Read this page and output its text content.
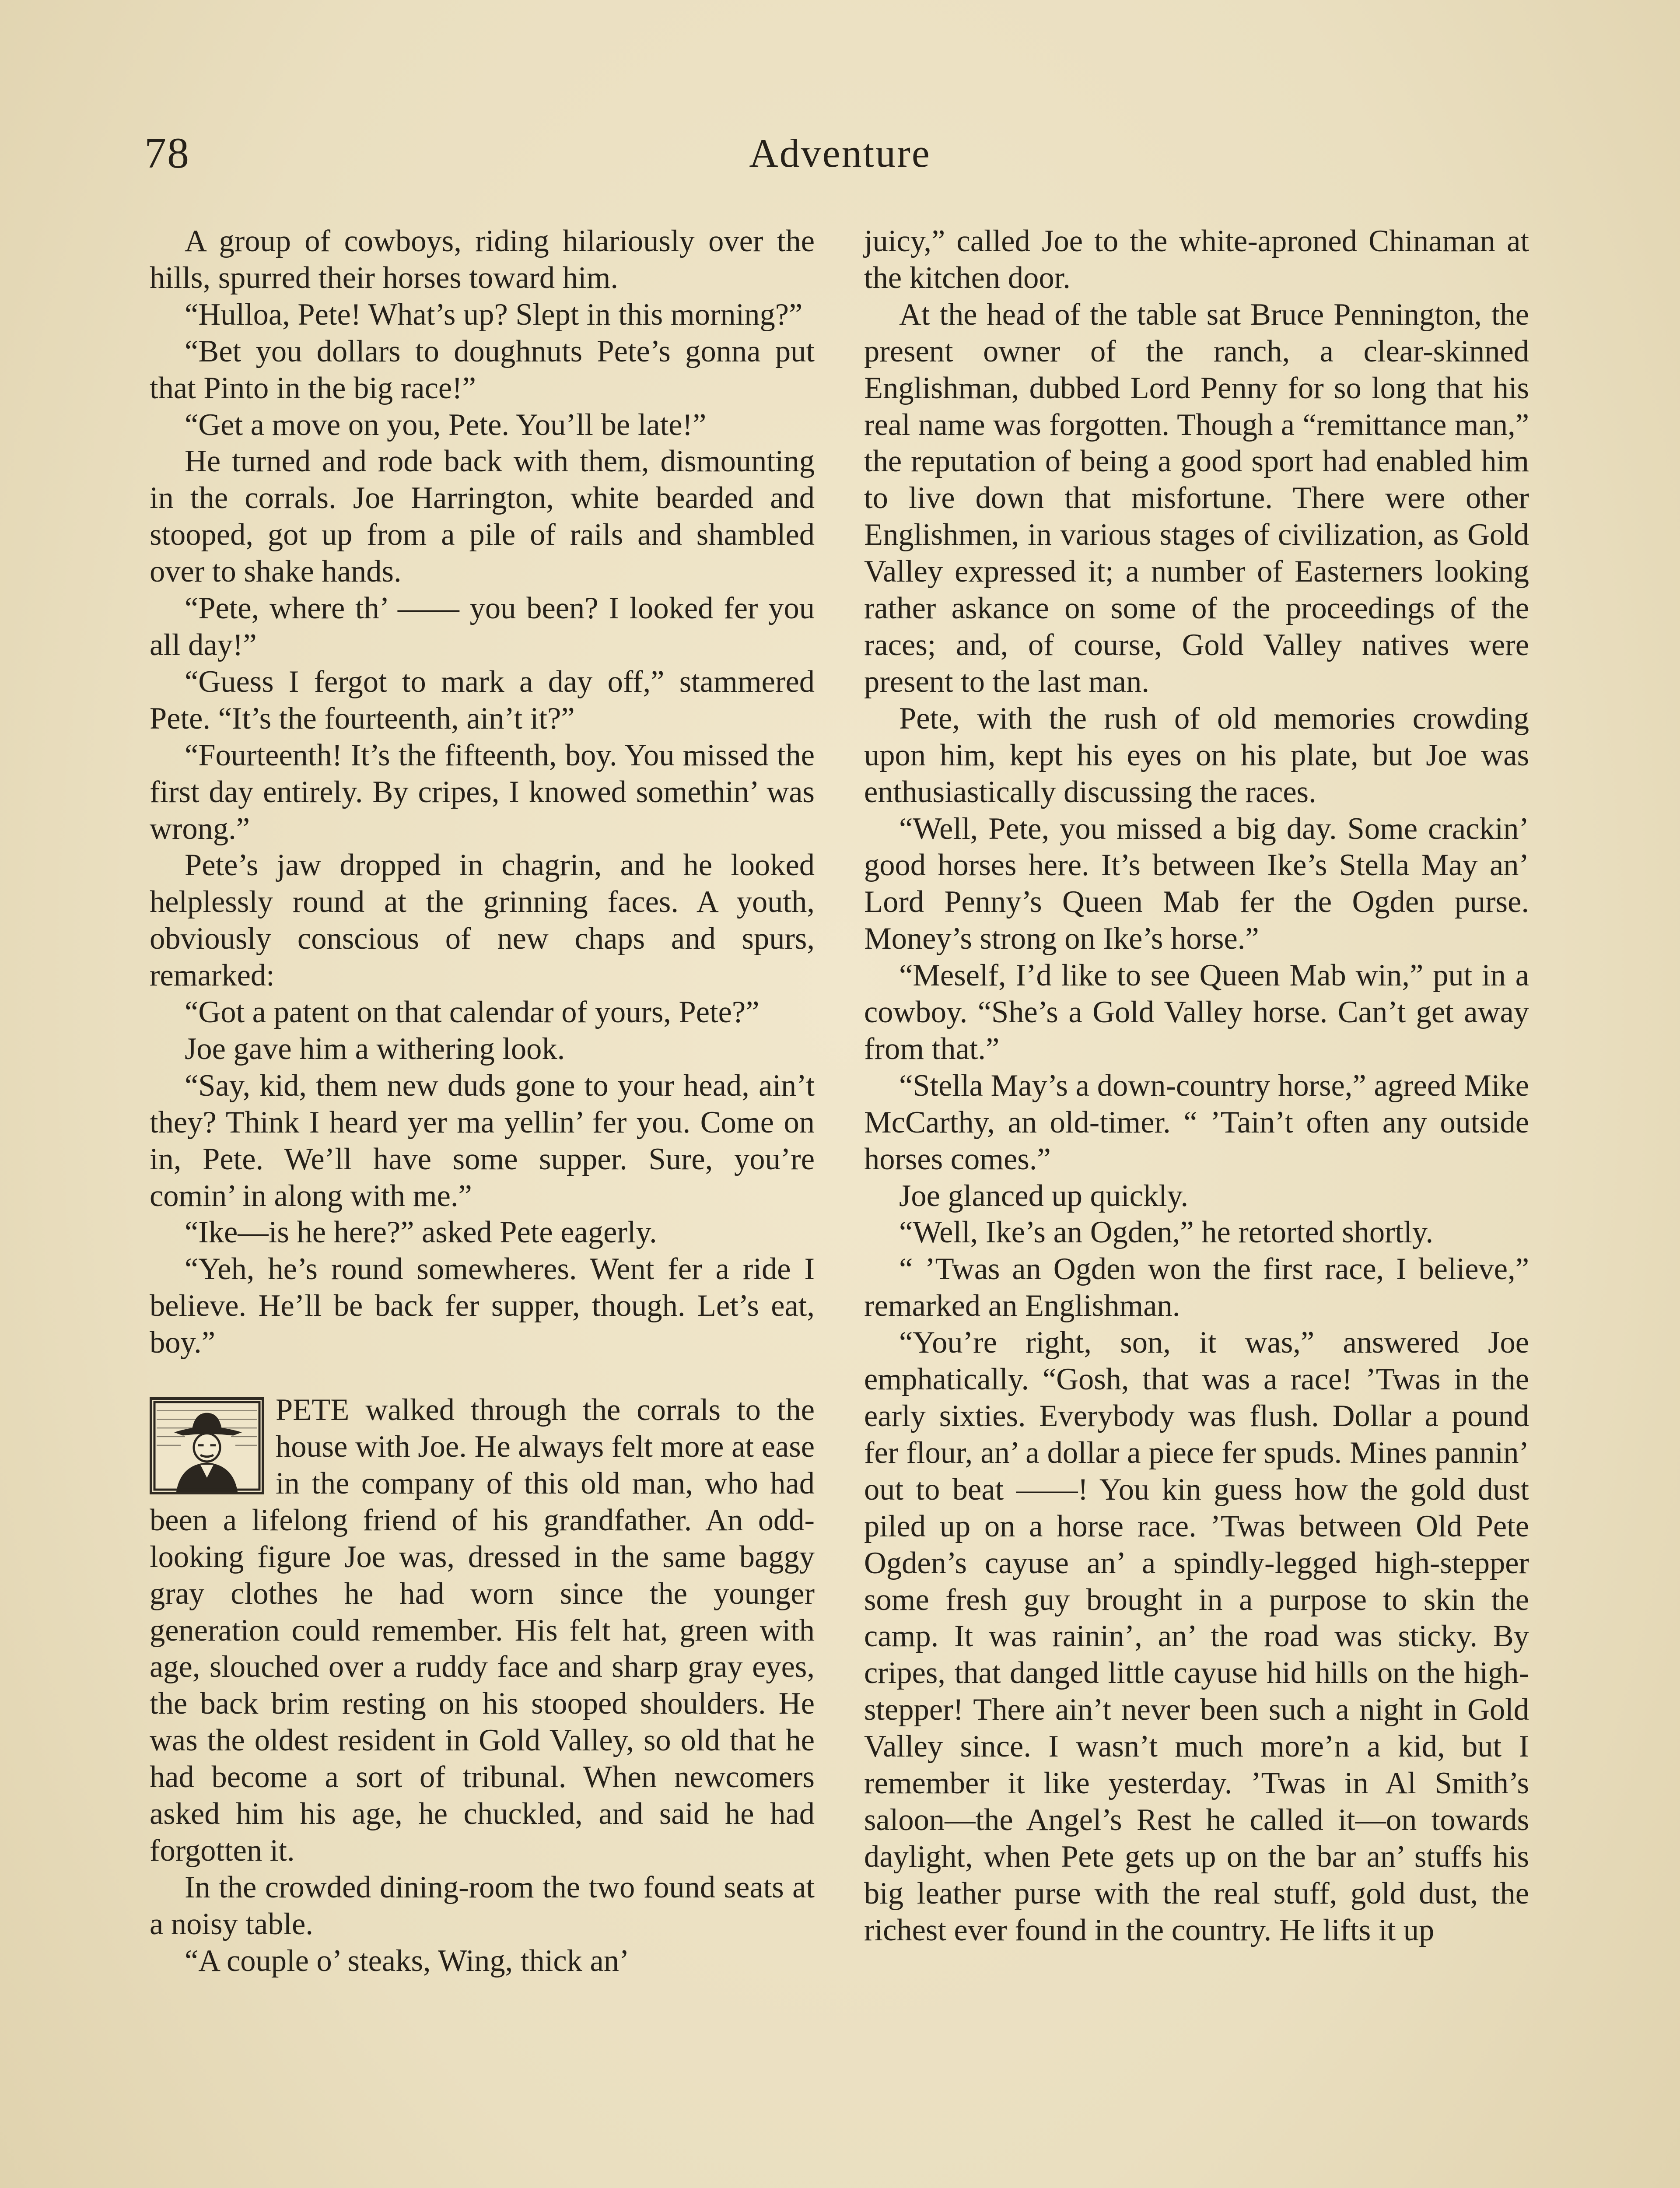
78	Adventure

A group of cowboys, riding hilariously over the hills, spurred their horses toward him.

“Hulloa, Pete! What’s up? Slept in this morning?”

“Bet you dollars to doughnuts Pete’s gonna put that Pinto in the big race!”

“Get a move on you, Pete. You’ll be late!”

He turned and rode back with them, dismounting in the corrals. Joe Harrington, white bearded and stooped, got up from a pile of rails and shambled over to shake hands.

“Pete, where th’ —— you been? I looked fer you all day!”

“Guess I fergot to mark a day off,” stammered Pete. “It’s the fourteenth, ain’t it?”

“Fourteenth! It’s the fifteenth, boy. You missed the first day entirely. By cripes, I knowed somethin’ was wrong.”

Pete’s jaw dropped in chagrin, and he looked helplessly round at the grinning faces. A youth, obviously conscious of new chaps and spurs, remarked:

“Got a patent on that calendar of yours, Pete?”

Joe gave him a withering look.

“Say, kid, them new duds gone to your head, ain’t they? Think I heard yer ma yellin’ fer you. Come on in, Pete. We’ll have some supper. Sure, you’re comin’ in along with me.”

“Ike—is he here?” asked Pete eagerly.

“Yeh, he’s round somewheres. Went fer a ride I believe. He’ll be back fer supper, though. Let’s eat, boy.”

PETE walked through the corrals to the house with Joe. He always felt more at ease in the company of this old man, who had been a lifelong friend of his grandfather. An odd-looking figure Joe was, dressed in the same baggy gray clothes he had worn since the younger generation could remember. His felt hat, green with age, slouched over a ruddy face and sharp gray eyes, the back brim resting on his stooped shoulders. He was the oldest resident in Gold Valley, so old that he had become a sort of tribunal. When newcomers asked him his age, he chuckled, and said he had forgotten it.

In the crowded dining-room the two found seats at a noisy table.

“A couple o’ steaks, Wing, thick an’

juicy,” called Joe to the white-aproned Chinaman at the kitchen door.

At the head of the table sat Bruce Pennington, the present owner of the ranch, a clear-skinned Englishman, dubbed Lord Penny for so long that his real name was forgotten. Though a “remittance man,” the reputation of being a good sport had enabled him to live down that misfortune. There were other Englishmen, in various stages of civilization, as Gold Valley expressed it; a number of Easterners looking rather askance on some of the proceedings of the races; and, of course, Gold Valley natives were present to the last man.

Pete, with the rush of old memories crowding upon him, kept his eyes on his plate, but Joe was enthusiastically discussing the races.

“Well, Pete, you missed a big day. Some crackin’ good horses here. It’s between Ike’s Stella May an’ Lord Penny’s Queen Mab fer the Ogden purse. Money’s strong on Ike’s horse.”

“Meself, I’d like to see Queen Mab win,” put in a cowboy. “She’s a Gold Valley horse. Can’t get away from that.”

“Stella May’s a down-country horse,” agreed Mike McCarthy, an old-timer. “ ’Tain’t often any outside horses comes.”

Joe glanced up quickly.

“Well, Ike’s an Ogden,” he retorted shortly.

“ ’Twas an Ogden won the first race, I believe,” remarked an Englishman.

“You’re right, son, it was,” answered Joe emphatically. “Gosh, that was a race! ’Twas in the early sixties. Everybody was flush. Dollar a pound fer flour, an’ a dollar a piece fer spuds. Mines pannin’ out to beat ——! You kin guess how the gold dust piled up on a horse race. ’Twas between Old Pete Ogden’s cayuse an’ a spindly-legged high-stepper some fresh guy brought in a purpose to skin the camp. It was rainin’, an’ the road was sticky. By cripes, that danged little cayuse hid hills on the high-stepper! There ain’t never been such a night in Gold Valley since. I wasn’t much more’n a kid, but I remember it like yesterday. ’Twas in Al Smith’s saloon—the Angel’s Rest he called it—on towards daylight, when Pete gets up on the bar an’ stuffs his big leather purse with the real stuff, gold dust, the richest ever found in the country. He lifts it up
